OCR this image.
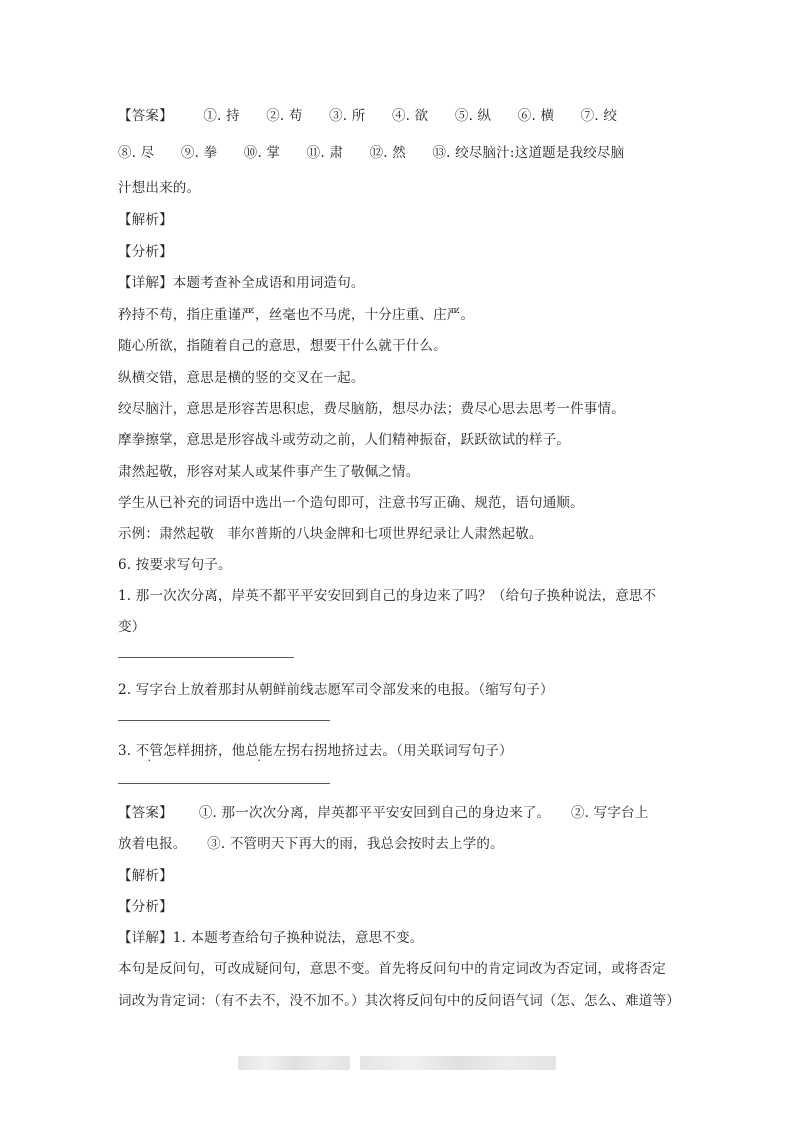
【答案】 ①. 持 ②. 苟 ③. 所 ④. 欲 ⑤. 纵 ⑥. 横 ⑦. 绞
⑧. 尽 ⑨. 拳 ⑩. 掌 ⑪. 肃 ⑫. 然 ⑬. 绞尽脑汁:这道题是我绞尽脑
汁想出来的。
【解析】
【分析】
【详解】本题考查补全成语和用词造句。
矜持不苟，指庄重谨严，丝毫也不马虎，十分庄重、庄严。
随心所欲，指随着自己的意思，想要干什么就干什么。
纵横交错，意思是横的竖的交叉在一起。
绞尽脑汁，意思是形容苦思积虑，费尽脑筋，想尽办法；费尽心思去思考一件事情。
摩拳擦掌，意思是形容战斗或劳动之前，人们精神振奋，跃跃欲试的样子。
肃然起敬，形容对某人或某件事产生了敬佩之情。
学生从已补充的词语中选出一个造句即可，注意书写正确、规范，语句通顺。
示例：肃然起敬　菲尔普斯的八块金牌和七项世界纪录让人肃然起敬。
6. 按要求写句子。
1. 那一次次分离，岸英不都平平安安回到自己的身边来了吗？（给句子换种说法，意思不
变）
2. 写字台上放着那封从朝鲜前线志愿军司令部发来的电报。（缩写句子）
3. 不管怎样拥挤，他总能左拐右拐地挤过去。（用关联词写句子）
【答案】 ①. 那一次次分离，岸英都平平安安回到自己的身边来了。　　②. 写字台上
放着电报。　　③. 不管明天下再大的雨，我总会按时去上学的。
【解析】
【分析】
【详解】1. 本题考查给句子换种说法，意思不变。
本句是反问句，可改成疑问句，意思不变。首先将反问句中的肯定词改为否定词，或将否定
词改为肯定词：（有不去不，没不加不。）其次将反问句中的反问语气词（怎、怎么、难道等）
